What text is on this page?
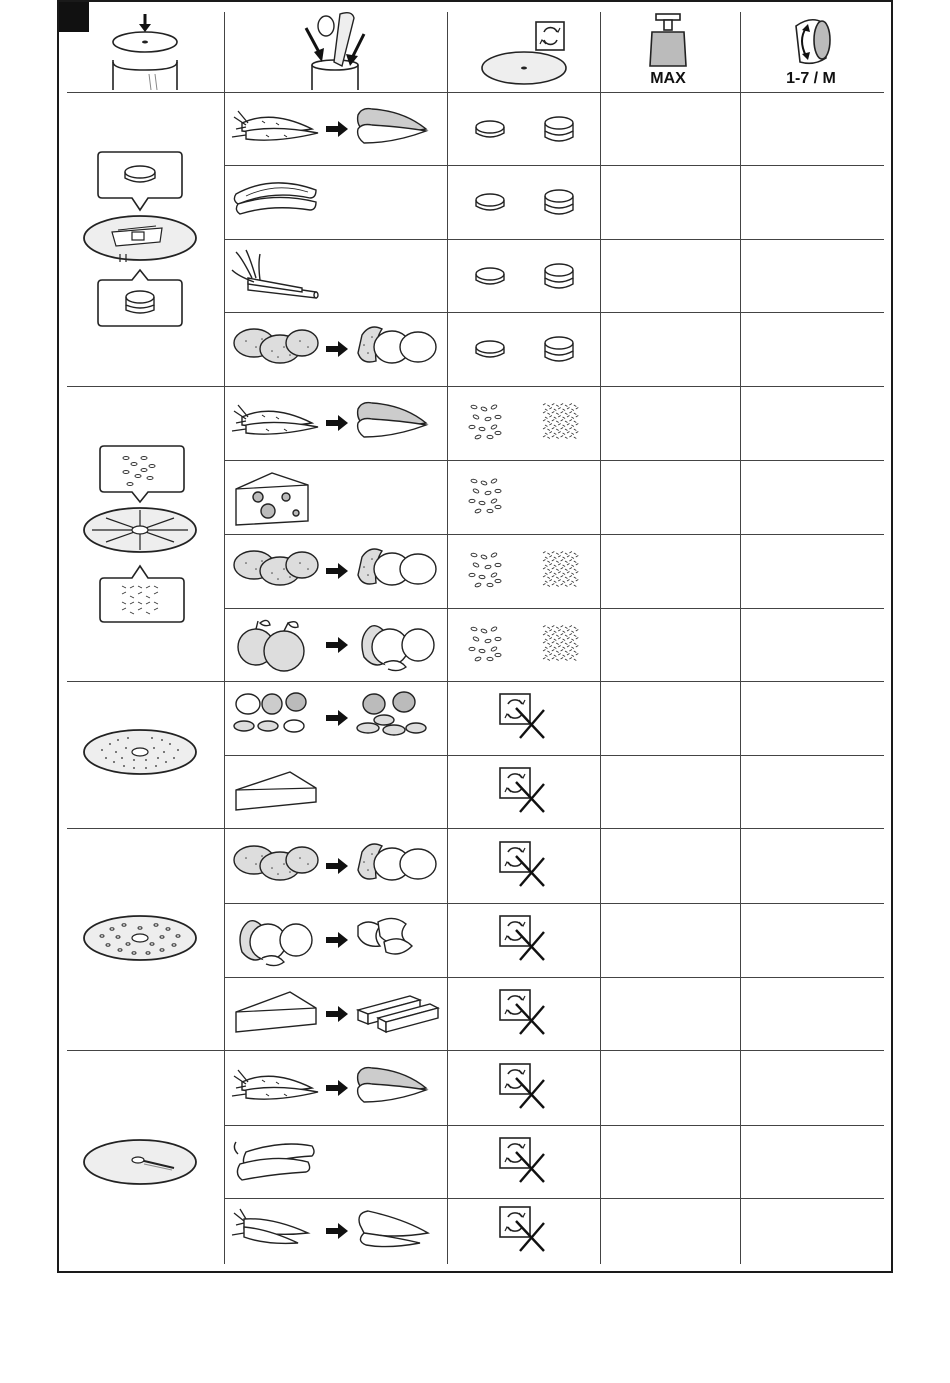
MAX	1-7 / M
